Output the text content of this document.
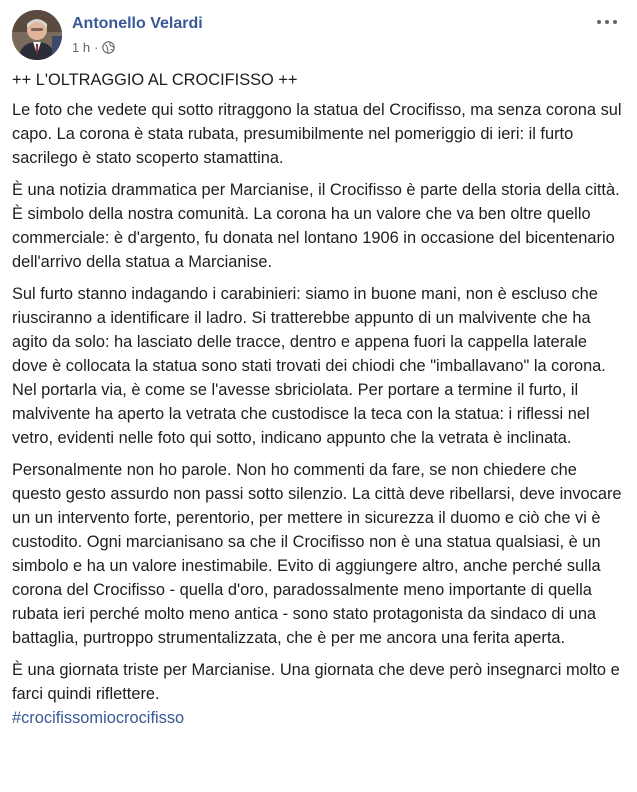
Antonello Velardi
1 h ·

++ L'OLTRAGGIO AL CROCIFISSO ++

Le foto che vedete qui sotto ritraggono la statua del Crocifisso, ma senza corona sul capo. La corona è stata rubata, presumibilmente nel pomeriggio di ieri: il furto sacrilego è stato scoperto stamattina.

È una notizia drammatica per Marcianise, il Crocifisso è parte della storia della città. È simbolo della nostra comunità. La corona ha un valore che va ben oltre quello commerciale: è d'argento, fu donata nel lontano 1906 in occasione del bicentenario dell'arrivo della statua a Marcianise.

Sul furto stanno indagando i carabinieri: siamo in buone mani, non è escluso che riusciranno a identificare il ladro. Si tratterebbe appunto di un malvivente che ha agito da solo: ha lasciato delle tracce, dentro e appena fuori la cappella laterale dove è collocata la statua sono stati trovati dei chiodi che "imballavano" la corona. Nel portarla via, è come se l'avesse sbriciolata. Per portare a termine il furto, il malvivente ha aperto la vetrata che custodisce la teca con la statua: i riflessi nel vetro, evidenti nelle foto qui sotto, indicano appunto che la vetrata è inclinata.

Personalmente non ho parole. Non ho commenti da fare, se non chiedere che questo gesto assurdo non passi sotto silenzio. La città deve ribellarsi, deve invocare un un intervento forte, perentorio, per mettere in sicurezza il duomo e ciò che vi è custodito. Ogni marcianisano sa che il Crocifisso non è una statua qualsiasi, è un simbolo e ha un valore inestimabile. Evito di aggiungere altro, anche perché sulla corona del Crocifisso - quella d'oro, paradossalmente meno importante di quella rubata ieri perché molto meno antica - sono stato protagonista da sindaco di una battaglia, purtroppo strumentalizzata, che è per me ancora una ferita aperta.

È una giornata triste per Marcianise. Una giornata che deve però insegnarci molto e farci quindi riflettere.
#crocifissomiocrocifisso
